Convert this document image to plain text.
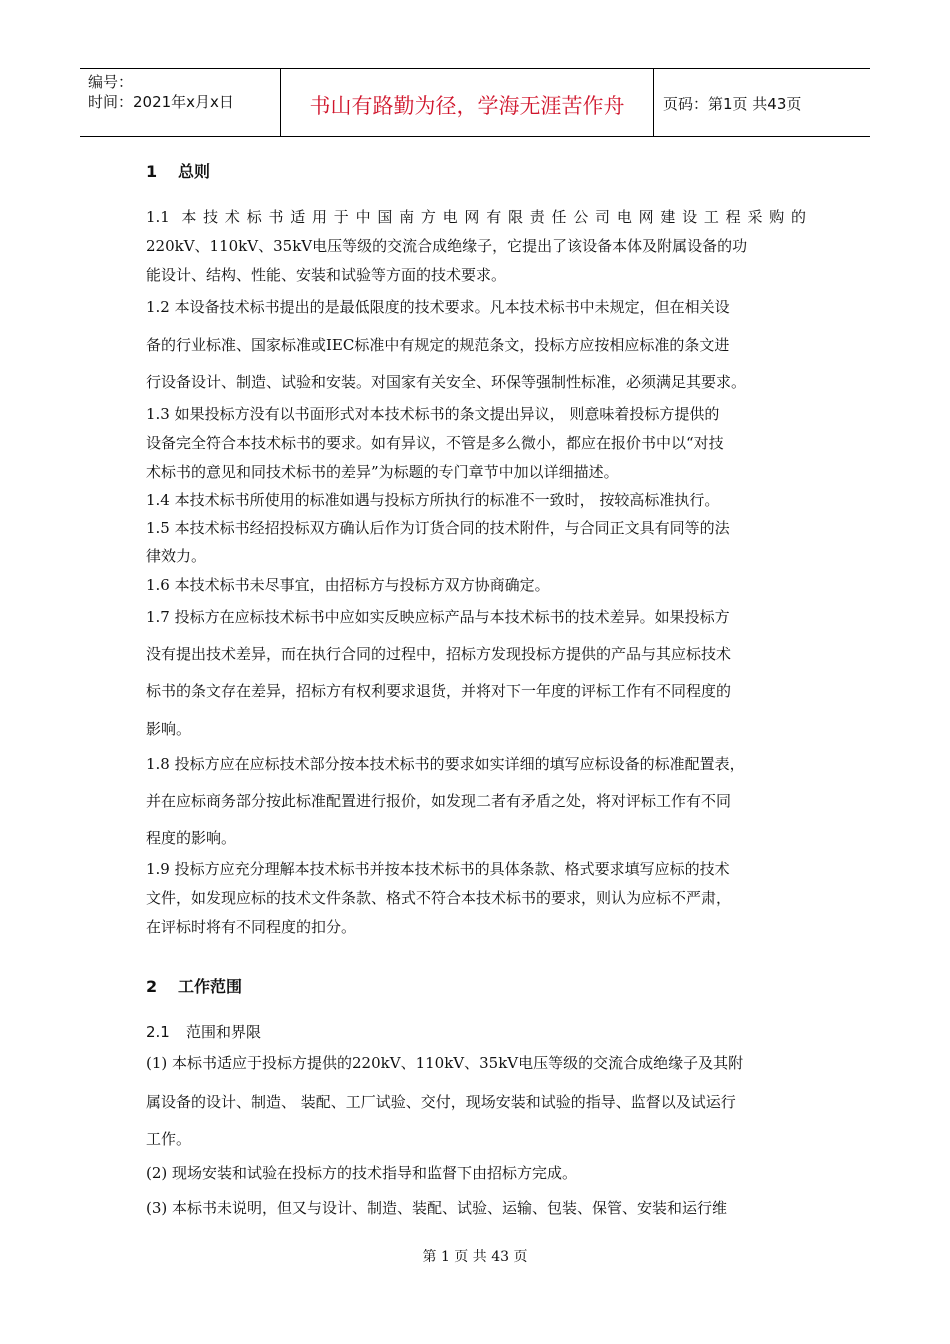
编号：
时间：2021年x月x日	书山有路勤为径，学海无涯苦作舟	页码：第1页 共43页
1 总则
1.1 本技术标书适用于中国南方电网有限责任公司电网建设工程采购的
220kV、110kV、35kV电压等级的交流合成绝缘子，它提出了该设备本体及附属设备的功
能设计、结构、性能、安装和试验等方面的技术要求。
1.2 本设备技术标书提出的是最低限度的技术要求。凡本技术标书中未规定，但在相关设
备的行业标准、国家标准或IEC标准中有规定的规范条文，投标方应按相应标准的条文进
行设备设计、制造、试验和安装。对国家有关安全、环保等强制性标准，必须满足其要求。
1.3 如果投标方没有以书面形式对本技术标书的条文提出异议， 则意味着投标方提供的
设备完全符合本技术标书的要求。如有异议，不管是多么微小，都应在报价书中以“对技
术标书的意见和同技术标书的差异”为标题的专门章节中加以详细描述。
1.4 本技术标书所使用的标准如遇与投标方所执行的标准不一致时， 按较高标准执行。
1.5 本技术标书经招投标双方确认后作为订货合同的技术附件，与合同正文具有同等的法
律效力。
1.6 本技术标书未尽事宜，由招标方与投标方双方协商确定。
1.7 投标方在应标技术标书中应如实反映应标产品与本技术标书的技术差异。如果投标方
没有提出技术差异，而在执行合同的过程中，招标方发现投标方提供的产品与其应标技术
标书的条文存在差异，招标方有权利要求退货，并将对下一年度的评标工作有不同程度的
影响。
1.8 投标方应在应标技术部分按本技术标书的要求如实详细的填写应标设备的标准配置表，
并在应标商务部分按此标准配置进行报价，如发现二者有矛盾之处，将对评标工作有不同
程度的影响。
1.9 投标方应充分理解本技术标书并按本技术标书的具体条款、格式要求填写应标的技术
文件，如发现应标的技术文件条款、格式不符合本技术标书的要求，则认为应标不严肃，
在评标时将有不同程度的扣分。
2 工作范围
2.1 范围和界限
(1) 本标书适应于投标方提供的220kV、110kV、35kV电压等级的交流合成绝缘子及其附
属设备的设计、制造、 装配、工厂试验、交付，现场安装和试验的指导、监督以及试运行
工作。
(2) 现场安装和试验在投标方的技术指导和监督下由招标方完成。
(3) 本标书未说明，但又与设计、制造、装配、试验、运输、包装、保管、安装和运行维
第 1 页 共 43 页
